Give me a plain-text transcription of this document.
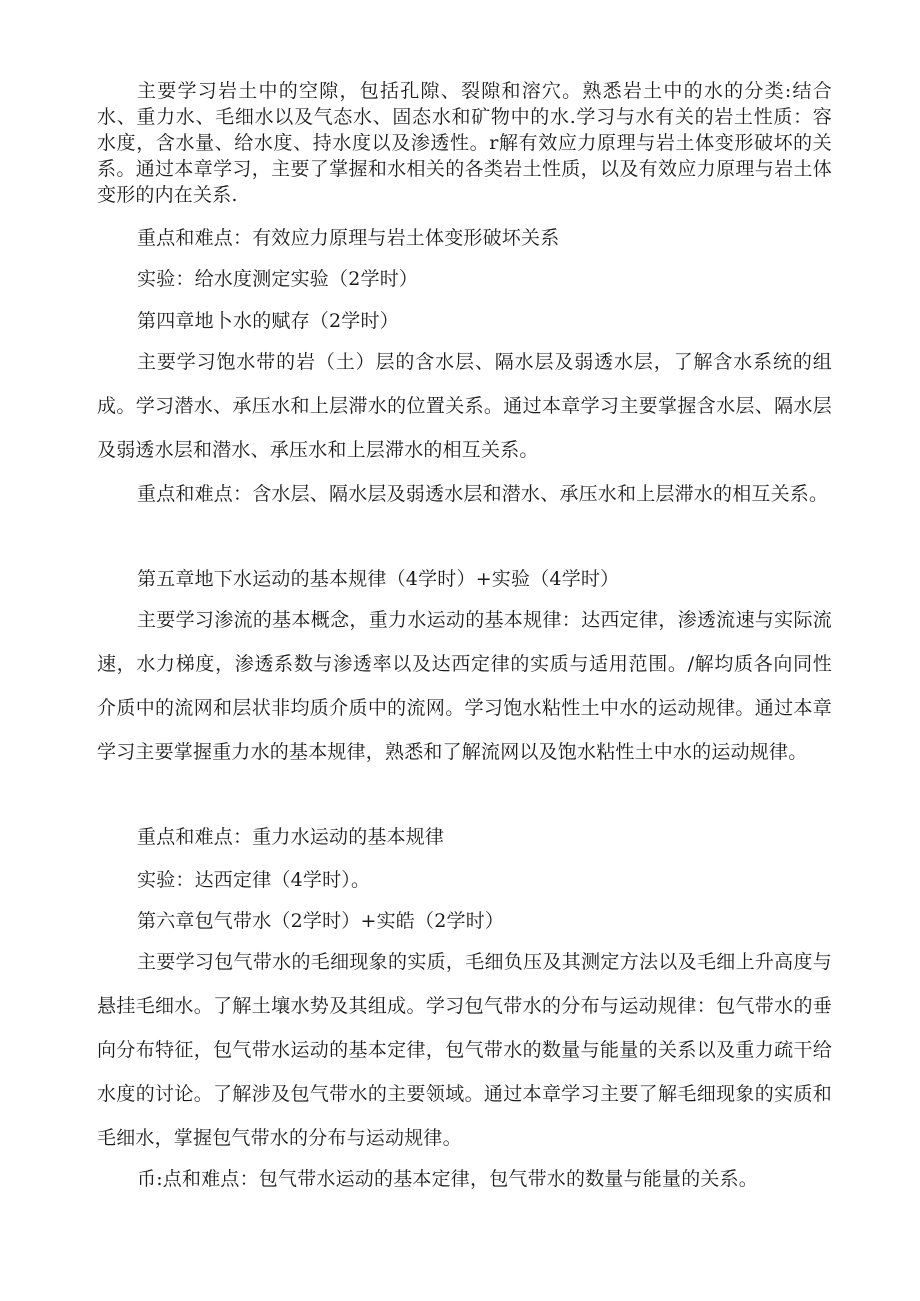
主要学习岩土中的空隙，包括孔隙、裂隙和溶穴。熟悉岩土中的水的分类:结合水、重力水、毛细水以及气态水、固态水和矿物中的水.学习与水有关的岩土性质：容水度，含水量、给水度、持水度以及渗透性。r解有效应力原理与岩土体变形破坏的关系。通过本章学习，主要了掌握和水相关的各类岩土性质，以及有效应力原理与岩土体变形的内在关系.

重点和难点：有效应力原理与岩土体变形破坏关系

实验：给水度测定实验（2学时）

第四章地卜水的赋存（2学时）

主要学习饱水带的岩（土）层的含水层、隔水层及弱透水层，了解含水系统的组成。学习潜水、承压水和上层滞水的位置关系。通过本章学习主要掌握含水层、隔水层及弱透水层和潜水、承压水和上层滞水的相互关系。

重点和难点：含水层、隔水层及弱透水层和潜水、承压水和上层滞水的相互关系。

第五章地下水运动的基本规律（4学时）+实验（4学时）

主要学习渗流的基本概念，重力水运动的基本规律：达西定律，渗透流速与实际流速，水力梯度，渗透系数与渗透率以及达西定律的实质与适用范围。/解均质各向同性介质中的流网和层状非均质介质中的流网。学习饱水粘性土中水的运动规律。通过本章学习主要掌握重力水的基本规律，熟悉和了解流网以及饱水粘性土中水的运动规律。

重点和难点：重力水运动的基本规律

实验：达西定律（4学时）。

第六章包气带水（2学时）+实皓（2学时）

主要学习包气带水的毛细现象的实质，毛细负压及其测定方法以及毛细上升高度与悬挂毛细水。了解土壤水势及其组成。学习包气带水的分布与运动规律：包气带水的垂向分布特征，包气带水运动的基本定律，包气带水的数量与能量的关系以及重力疏干给水度的讨论。了解涉及包气带水的主要领域。通过本章学习主要了解毛细现象的实质和毛细水，掌握包气带水的分布与运动规律。

币:点和难点：包气带水运动的基本定律，包气带水的数量与能量的关系。
